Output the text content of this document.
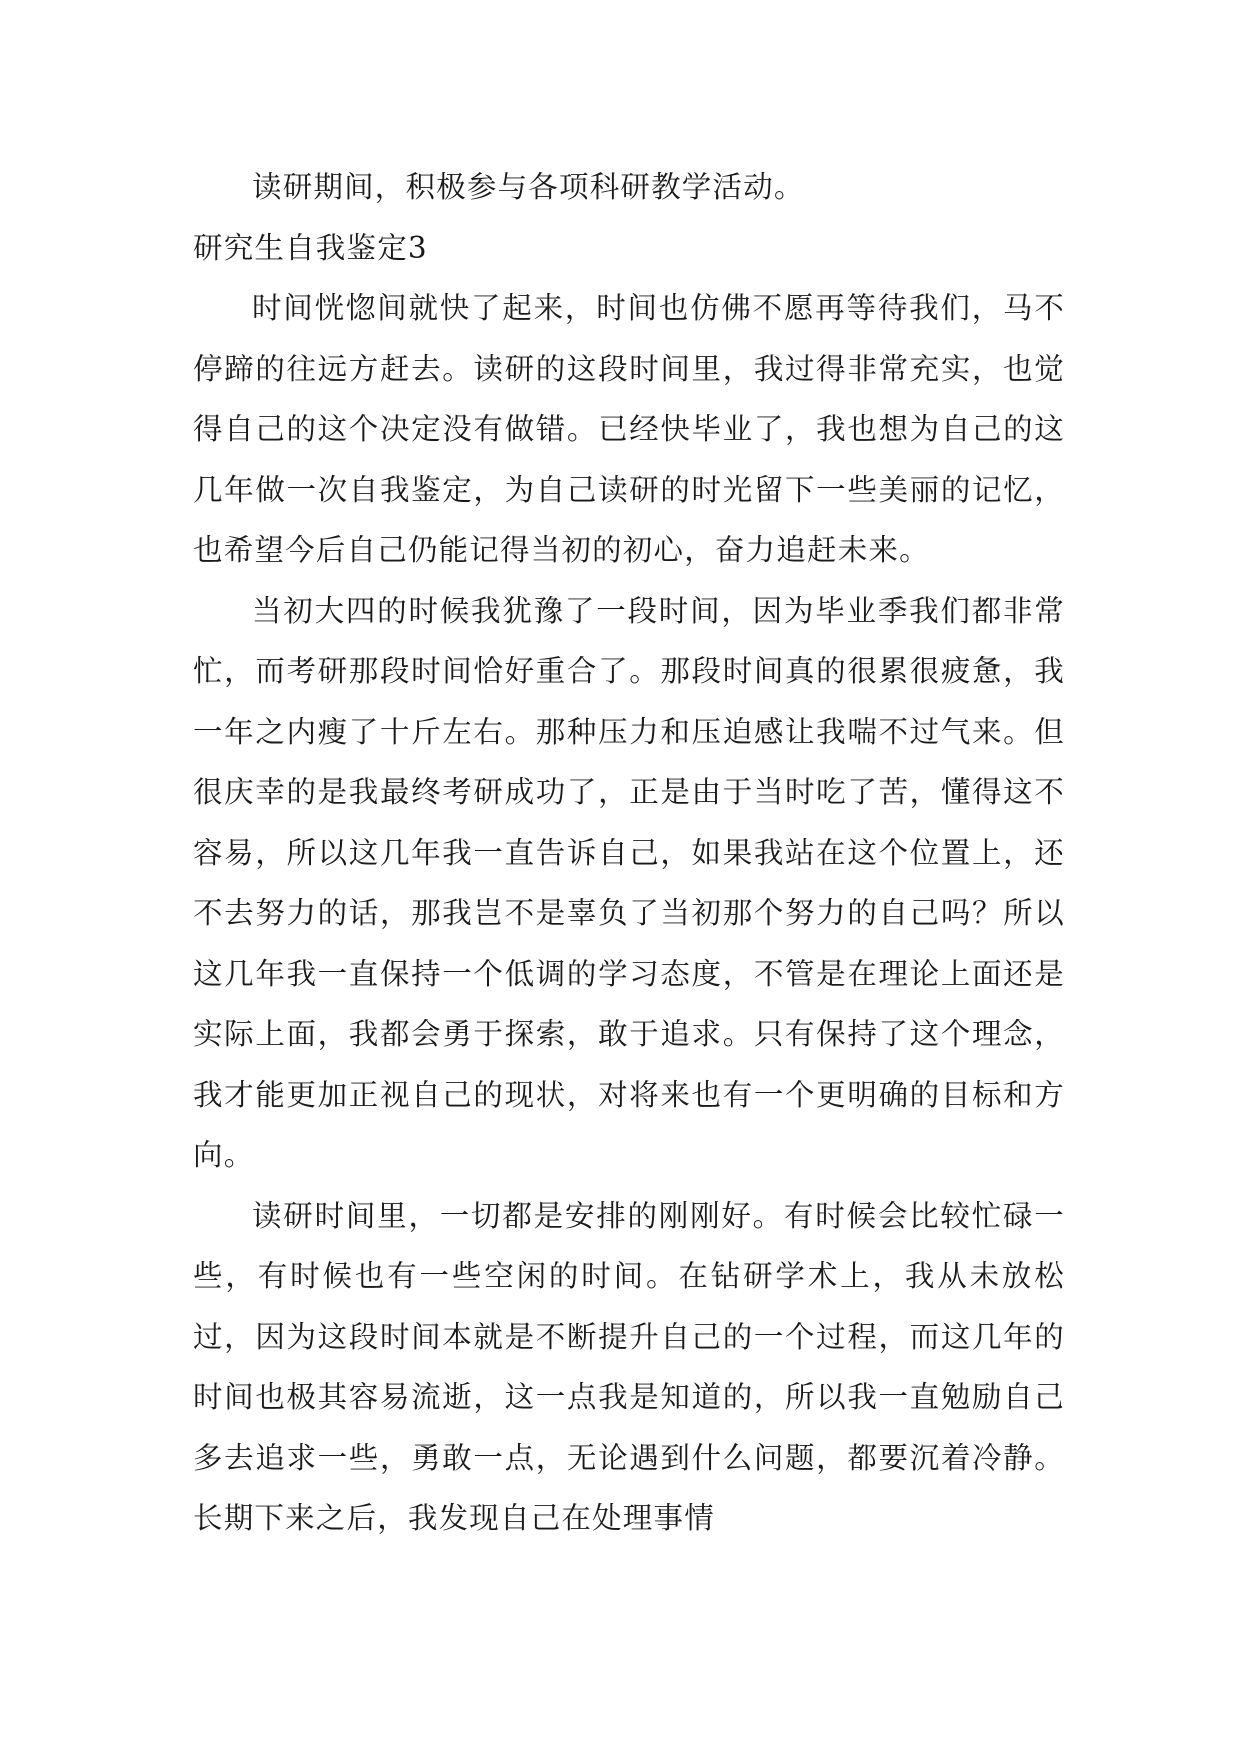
读研期间，积极参与各项科研教学活动。

研究生自我鉴定3

时间恍惚间就快了起来，时间也仿佛不愿再等待我们，马不停蹄的往远方赶去。读研的这段时间里，我过得非常充实，也觉得自己的这个决定没有做错。已经快毕业了，我也想为自己的这几年做一次自我鉴定，为自己读研的时光留下一些美丽的记忆，也希望今后自己仍能记得当初的初心，奋力追赶未来。

当初大四的时候我犹豫了一段时间，因为毕业季我们都非常忙，而考研那段时间恰好重合了。那段时间真的很累很疲惫，我一年之内瘦了十斤左右。那种压力和压迫感让我喘不过气来。但很庆幸的是我最终考研成功了，正是由于当时吃了苦，懂得这不容易，所以这几年我一直告诉自己，如果我站在这个位置上，还不去努力的话，那我岂不是辜负了当初那个努力的自己吗？所以这几年我一直保持一个低调的学习态度，不管是在理论上面还是实际上面，我都会勇于探索，敢于追求。只有保持了这个理念，我才能更加正视自己的现状，对将来也有一个更明确的目标和方向。

读研时间里，一切都是安排的刚刚好。有时候会比较忙碌一些，有时候也有一些空闲的时间。在钻研学术上，我从未放松过，因为这段时间本就是不断提升自己的一个过程，而这几年的时间也极其容易流逝，这一点我是知道的，所以我一直勉励自己多去追求一些，勇敢一点，无论遇到什么问题，都要沉着冷静。长期下来之后，我发现自己在处理事情
